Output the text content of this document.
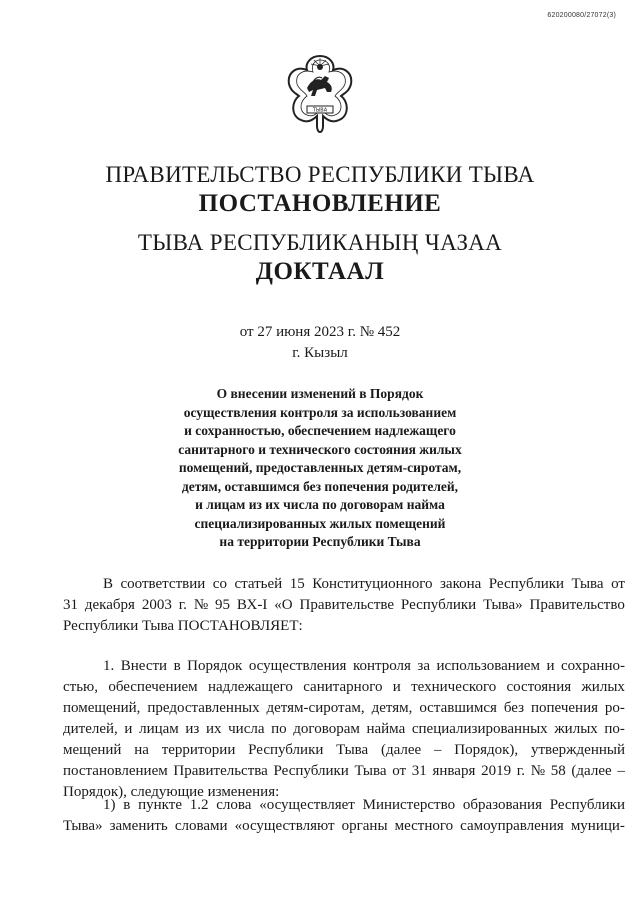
620200080/27072(3)
ТЫВА
ПРАВИТЕЛЬСТВО РЕСПУБЛИКИ ТЫВА
ПОСТАНОВЛЕНИЕ
ТЫВА РЕСПУБЛИКАНЫҢ ЧАЗАА
ДОКТААЛ
от 27 июня 2023 г. № 452
г. Кызыл
О внесении изменений в Порядок
осуществления контроля за использованием
и сохранностью, обеспечением надлежащего
санитарного и технического состояния жилых
помещений, предоставленных детям-сиротам,
детям, оставшимся без попечения родителей,
и лицам из их числа по договорам найма
специализированных жилых помещений
на территории Республики Тыва
В соответствии со статьей 15 Конституционного закона Республики Тыва от
31 декабря 2003 г. № 95 ВХ-I «О Правительстве Республики Тыва» Правительство
Республики Тыва ПОСТАНОВЛЯЕТ:
1. Внести в Порядок осуществления контроля за использованием и сохранно-
стью, обеспечением надлежащего санитарного и технического состояния жилых
помещений, предоставленных детям-сиротам, детям, оставшимся без попечения ро-
дителей, и лицам из их числа по договорам найма специализированных жилых по-
мещений на территории Республики Тыва (далее – Порядок), утвержденный
постановлением Правительства Республики Тыва от 31 января 2019 г. № 58 (далее –
Порядок), следующие изменения:
1) в пункте 1.2 слова «осуществляет Министерство образования Республики
Тыва» заменить словами «осуществляют органы местного самоуправления муници-
